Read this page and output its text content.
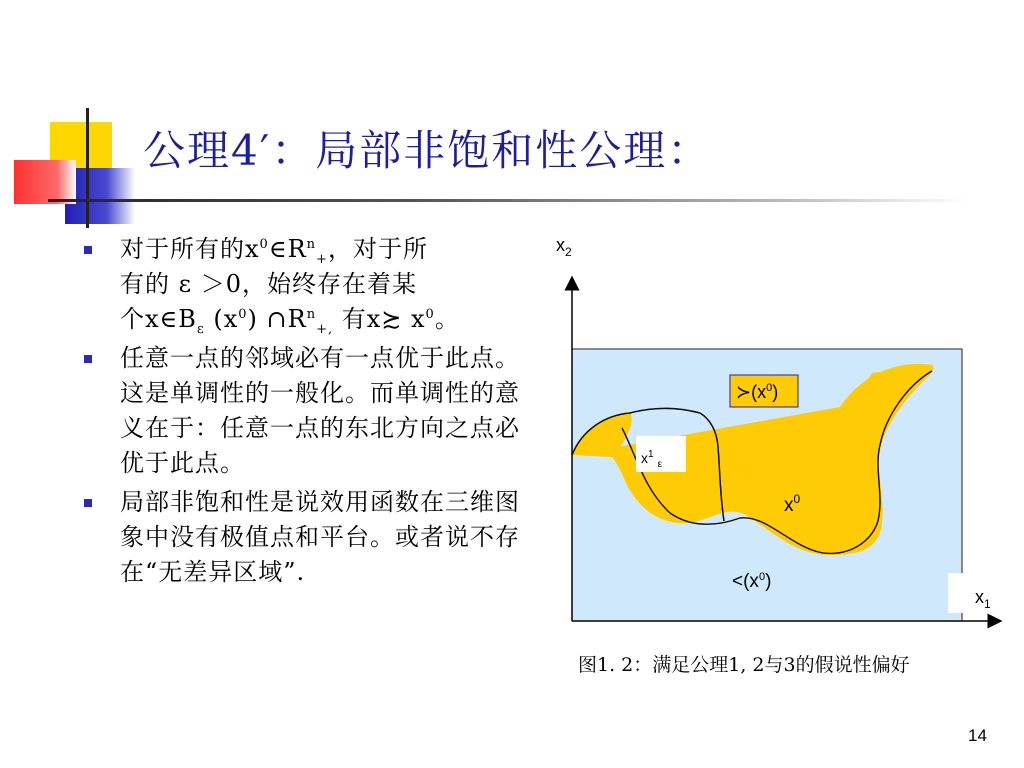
公理4′：局部非饱和性公理：
对于所有的$x^0\in R^n_+$，对于所
有的 ε ＞0，始终存在着某
个$x\in B_\varepsilon$ $(x^0)$ $\cap R^n_{+,}$ 有x≿ $x^0$。
任意一点的邻域必有一点优于此点。这是单调性的一般化。而单调性的意义在于：任意一点的东北方向之点必优于此点。
局部非饱和性是说效用函数在三维图象中没有极值点和平台。或者说不存在“无差异区域”.
$x_2$
$x_1$
$≻(x^0)$
$x^1_\varepsilon$
$x^0$
$<(x^0)$
图1. 2：满足公理1, 2与3的假说性偏好
14
